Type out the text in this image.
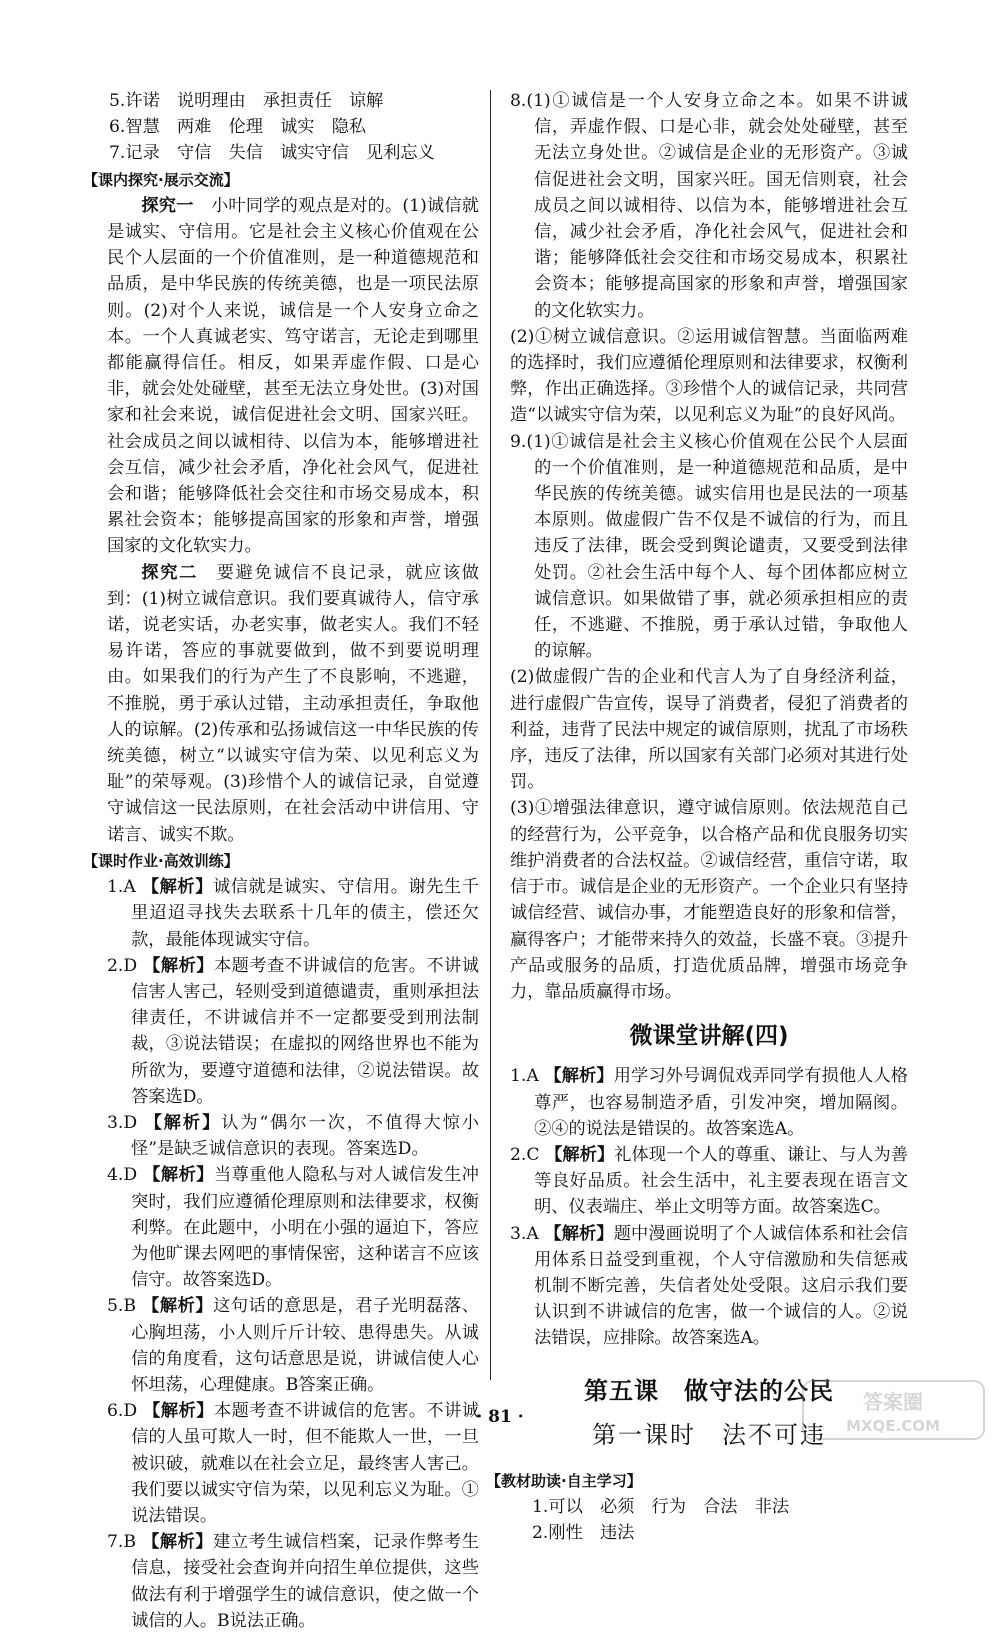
5.许诺　说明理由　承担责任　谅解

6.智慧　两难　伦理　诚实　隐私

7.记录　守信　失信　诚实守信　见利忘义

【课内探究·展示交流】

探究一　小叶同学的观点是对的。(1)诚信就是诚实、守信用。它是社会主义核心价值观在公民个人层面的一个价值准则，是一种道德规范和品质，是中华民族的传统美德，也是一项民法原则。(2)对个人来说，诚信是一个人安身立命之本。一个人真诚老实、笃守诺言，无论走到哪里都能赢得信任。相反，如果弄虚作假、口是心非，就会处处碰壁，甚至无法立身处世。(3)对国家和社会来说，诚信促进社会文明、国家兴旺。社会成员之间以诚相待、以信为本，能够增进社会互信，减少社会矛盾，净化社会风气，促进社会和谐；能够降低社会交往和市场交易成本，积累社会资本；能够提高国家的形象和声誉，增强国家的文化软实力。

探究二　要避免诚信不良记录，就应该做到：(1)树立诚信意识。我们要真诚待人，信守承诺，说老实话，办老实事，做老实人。我们不轻易许诺，答应的事就要做到，做不到要说明理由。如果我们的行为产生了不良影响，不逃避，不推脱，勇于承认过错，主动承担责任，争取他人的谅解。(2)传承和弘扬诚信这一中华民族的传统美德，树立“以诚实守信为荣、以见利忘义为耻”的荣辱观。(3)珍惜个人的诚信记录，自觉遵守诚信这一民法原则，在社会活动中讲信用、守诺言、诚实不欺。

【课时作业·高效训练】

1.A 【解析】诚信就是诚实、守信用。谢先生千里迢迢寻找失去联系十几年的债主，偿还欠款，最能体现诚实守信。

2.D 【解析】本题考查不讲诚信的危害。不讲诚信害人害己，轻则受到道德谴责，重则承担法律责任，不讲诚信并不一定都要受到刑法制裁，③说法错误；在虚拟的网络世界也不能为所欲为，要遵守道德和法律，②说法错误。故答案选D。

3.D 【解析】认为“偶尔一次，不值得大惊小怪”是缺乏诚信意识的表现。答案选D。

4.D 【解析】当尊重他人隐私与对人诚信发生冲突时，我们应遵循伦理原则和法律要求，权衡利弊。在此题中，小明在小强的逼迫下，答应为他旷课去网吧的事情保密，这种诺言不应该信守。故答案选D。

5.B 【解析】这句话的意思是，君子光明磊落、心胸坦荡，小人则斤斤计较、患得患失。从诚信的角度看，这句话意思是说，讲诚信使人心怀坦荡，心理健康。B答案正确。

6.D 【解析】本题考查不讲诚信的危害。不讲诚信的人虽可欺人一时，但不能欺人一世，一旦被识破，就难以在社会立足，最终害人害己。我们要以诚实守信为荣，以见利忘义为耻。①说法错误。

7.B 【解析】建立考生诚信档案，记录作弊考生信息，接受社会查询并向招生单位提供，这些做法有利于增强学生的诚信意识，使之做一个诚信的人。B说法正确。

8.(1)①诚信是一个人安身立命之本。如果不讲诚信，弄虚作假、口是心非，就会处处碰壁，甚至无法立身处世。②诚信是企业的无形资产。③诚信促进社会文明，国家兴旺。国无信则衰，社会成员之间以诚相待、以信为本，能够增进社会互信，减少社会矛盾，净化社会风气，促进社会和谐；能够降低社会交往和市场交易成本，积累社会资本；能够提高国家的形象和声誉，增强国家的文化软实力。

(2)①树立诚信意识。②运用诚信智慧。当面临两难的选择时，我们应遵循伦理原则和法律要求，权衡利弊，作出正确选择。③珍惜个人的诚信记录，共同营造“以诚实守信为荣，以见利忘义为耻”的良好风尚。

9.(1)①诚信是社会主义核心价值观在公民个人层面的一个价值准则，是一种道德规范和品质，是中华民族的传统美德。诚实信用也是民法的一项基本原则。做虚假广告不仅是不诚信的行为，而且违反了法律，既会受到舆论谴责，又要受到法律处罚。②社会生活中每个人、每个团体都应树立诚信意识。如果做错了事，就必须承担相应的责任，不逃避、不推脱，勇于承认过错，争取他人的谅解。

(2)做虚假广告的企业和代言人为了自身经济利益，进行虚假广告宣传，误导了消费者，侵犯了消费者的利益，违背了民法中规定的诚信原则，扰乱了市场秩序，违反了法律，所以国家有关部门必须对其进行处罚。

(3)①增强法律意识，遵守诚信原则。依法规范自己的经营行为，公平竞争，以合格产品和优良服务切实维护消费者的合法权益。②诚信经营，重信守诺，取信于市。诚信是企业的无形资产。一个企业只有坚持诚信经营、诚信办事，才能塑造良好的形象和信誉，赢得客户；才能带来持久的效益，长盛不衰。③提升产品或服务的品质，打造优质品牌，增强市场竞争力，靠品质赢得市场。

微课堂讲解(四)

1.A 【解析】用学习外号调侃戏弄同学有损他人人格尊严，也容易制造矛盾，引发冲突，增加隔阂。②④的说法是错误的。故答案选A。

2.C 【解析】礼体现一个人的尊重、谦让、与人为善等良好品质。社会生活中，礼主要表现在语言文明、仪表端庄、举止文明等方面。故答案选C。

3.A 【解析】题中漫画说明了个人诚信体系和社会信用体系日益受到重视，个人守信激励和失信惩戒机制不断完善，失信者处处受限。这启示我们要认识到不讲诚信的危害，做一个诚信的人。②说法错误，应排除。故答案选A。

第五课　做守法的公民
第一课时　法不可违

【教材助读·自主学习】

1.可以　必须　行为　合法　非法

2.刚性　违法

· 81 ·
答案圈
MXQE.COM
